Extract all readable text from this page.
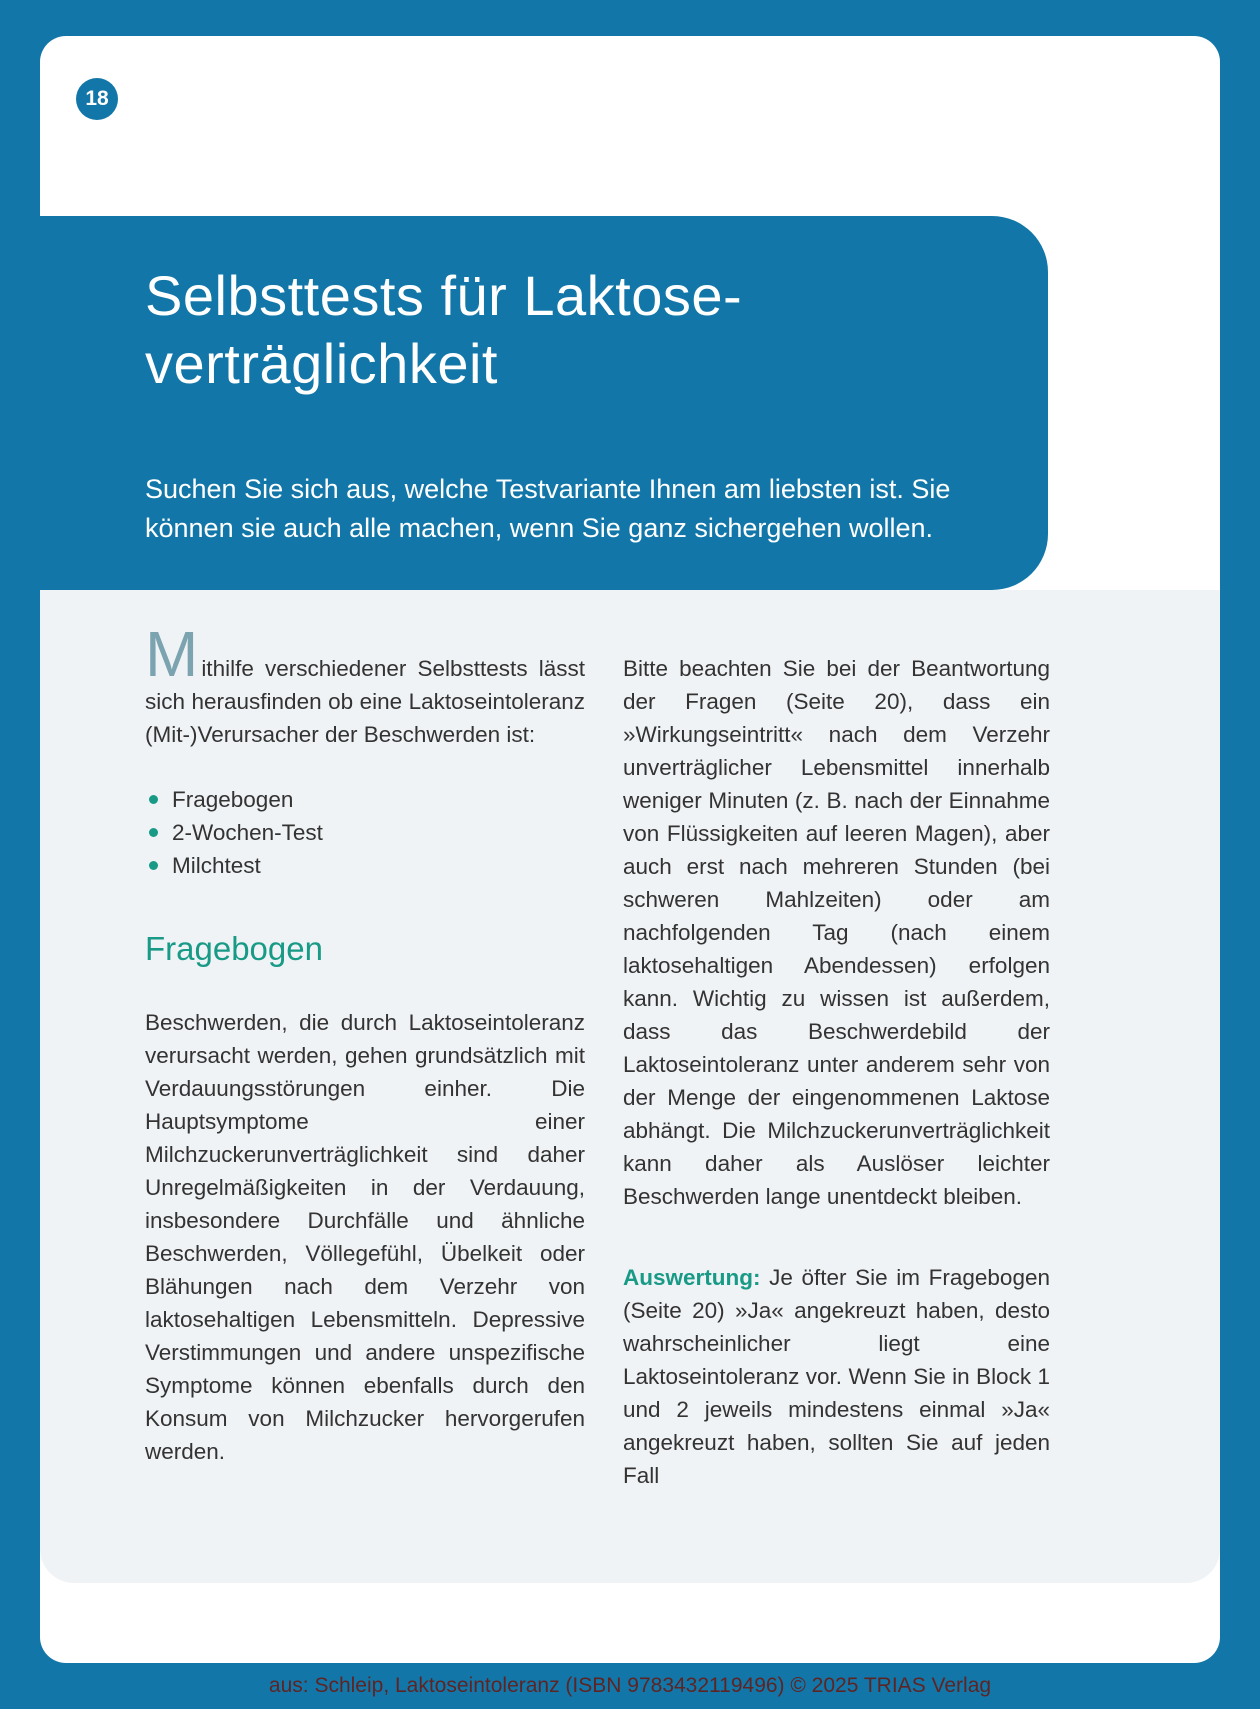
18
Selbsttests für Laktose-
verträglichkeit
Suchen Sie sich aus, welche Testvariante Ihnen am liebsten ist. Sie können sie auch alle machen, wenn Sie ganz sichergehen wollen.

Mithilfe verschiedener Selbsttests lässt sich herausfinden ob eine Laktoseintoleranz (Mit-)Verursacher der Beschwerden ist:

Fragebogen
2-Wochen-Test
Milchtest
Fragebogen

Beschwerden, die durch Laktoseintoleranz verursacht werden, gehen grundsätzlich mit Verdauungsstörungen einher. Die Hauptsymptome einer Milchzuckerunverträglichkeit sind daher Unregelmäßigkeiten in der Verdauung, insbesondere Durchfälle und ähnliche Beschwerden, Völlegefühl, Übelkeit oder Blähungen nach dem Verzehr von laktosehaltigen Lebensmitteln. Depressive Verstimmungen und andere unspezifische Symptome können ebenfalls durch den Konsum von Milchzucker hervorgerufen werden.

Bitte beachten Sie bei der Beantwortung der Fragen (Seite 20), dass ein »Wirkungseintritt« nach dem Verzehr unverträglicher Lebensmittel innerhalb weniger Minuten (z. B. nach der Einnahme von Flüssigkeiten auf leeren Magen), aber auch erst nach mehreren Stunden (bei schweren Mahlzeiten) oder am nachfolgenden Tag (nach einem laktosehaltigen Abendessen) erfolgen kann. Wichtig zu wissen ist außerdem, dass das Beschwerdebild der Laktoseintoleranz unter anderem sehr von der Menge der eingenommenen Laktose abhängt. Die Milchzuckerunverträglichkeit kann daher als Auslöser leichter Beschwerden lange unentdeckt bleiben.

Auswertung: Je öfter Sie im Fragebogen (Seite 20) »Ja« angekreuzt haben, desto wahrscheinlicher liegt eine Laktoseintoleranz vor. Wenn Sie in Block 1 und 2 jeweils mindestens einmal »Ja« angekreuzt haben, sollten Sie auf jeden Fall

aus: Schleip, Laktoseintoleranz (ISBN 9783432119496) © 2025 TRIAS Verlag
